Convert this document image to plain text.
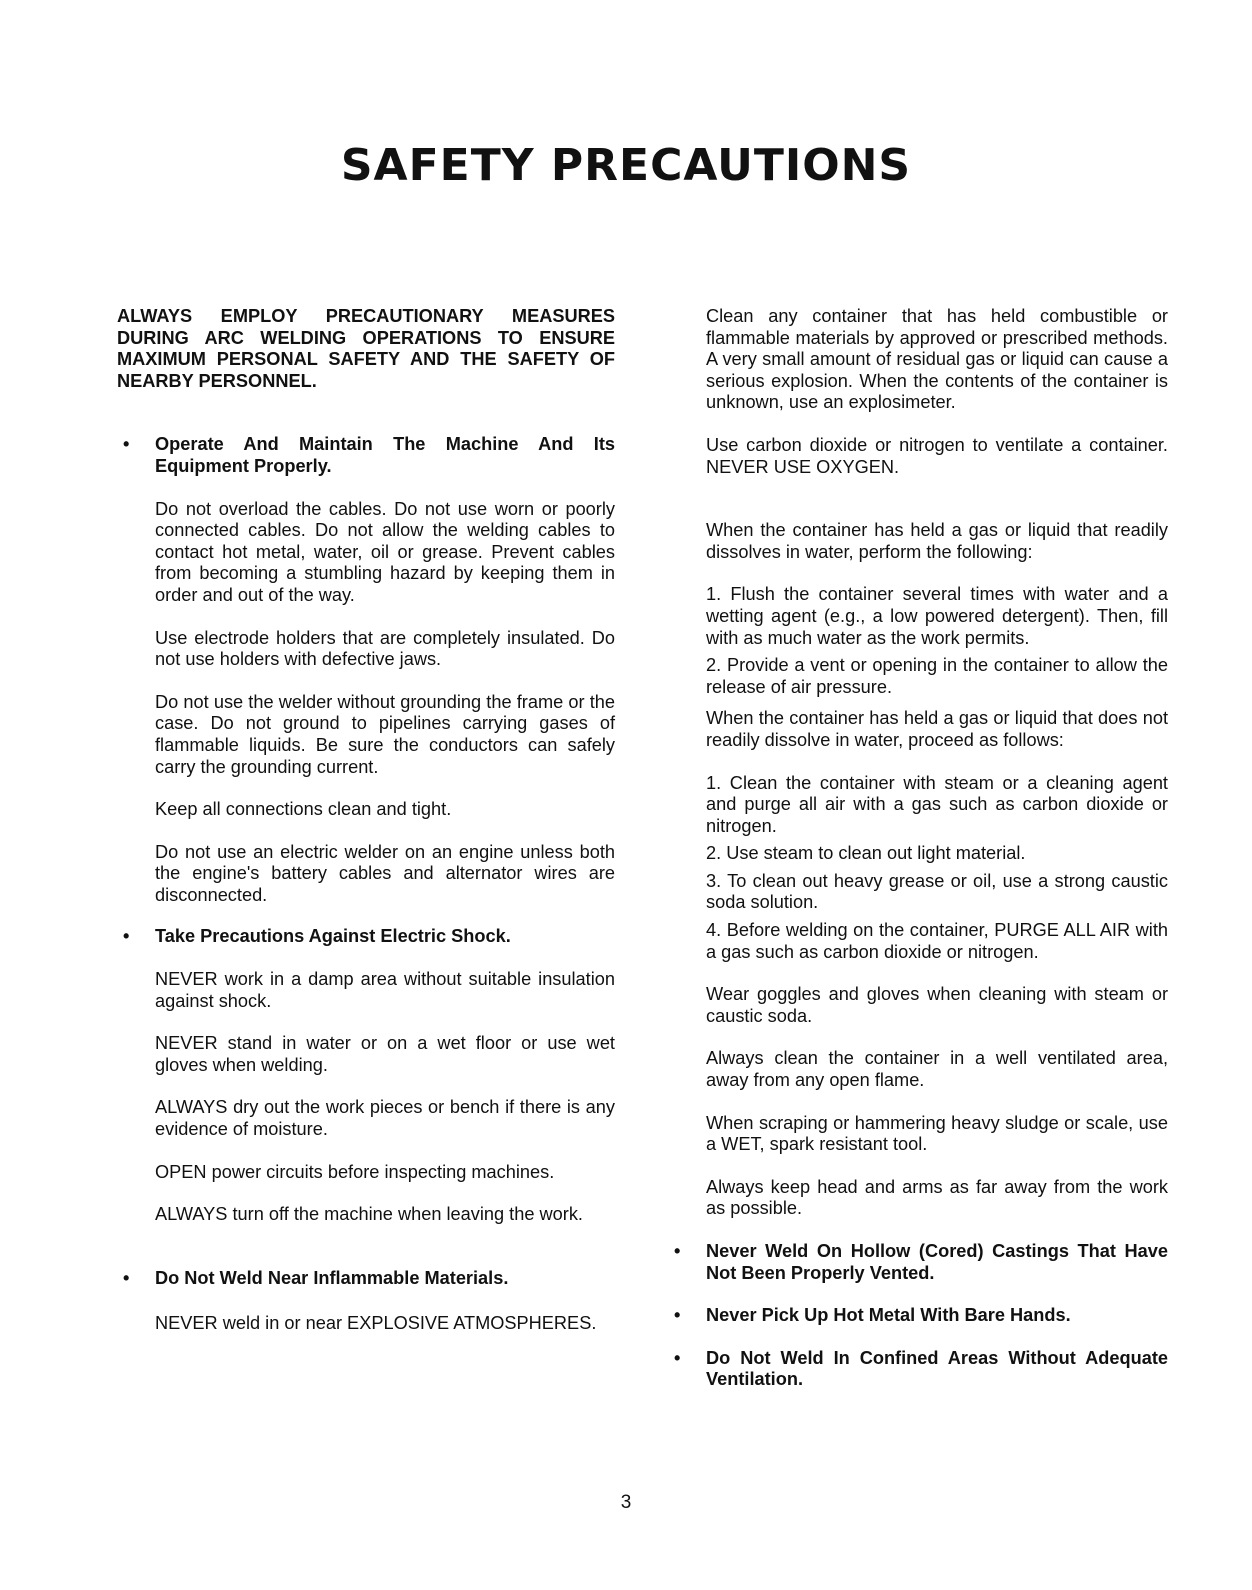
SAFETY PRECAUTIONS

ALWAYS EMPLOY PRECAUTIONARY MEASURES DURING ARC WELDING OPERATIONS TO ENSURE MAXIMUM PERSONAL SAFETY AND THE SAFETY OF NEARBY PERSONNEL.

• Operate And Maintain The Machine And Its Equipment Properly.

Do not overload the cables. Do not use worn or poorly connected cables. Do not allow the welding cables to contact hot metal, water, oil or grease. Prevent cables from becoming a stumbling hazard by keeping them in order and out of the way.

Use electrode holders that are completely insulated. Do not use holders with defective jaws.

Do not use the welder without grounding the frame or the case. Do not ground to pipelines carrying gases of flammable liquids. Be sure the conductors can safely carry the grounding current.

Keep all connections clean and tight.

Do not use an electric welder on an engine unless both the engine's battery cables and alternator wires are disconnected.

• Take Precautions Against Electric Shock.

NEVER work in a damp area without suitable insulation against shock.

NEVER stand in water or on a wet floor or use wet gloves when welding.

ALWAYS dry out the work pieces or bench if there is any evidence of moisture.

OPEN power circuits before inspecting machines.

ALWAYS turn off the machine when leaving the work.

• Do Not Weld Near Inflammable Materials.

NEVER weld in or near EXPLOSIVE ATMOSPHERES.

Clean any container that has held combustible or flammable materials by approved or prescribed methods. A very small amount of residual gas or liquid can cause a serious explosion. When the contents of the container is unknown, use an explosimeter.

Use carbon dioxide or nitrogen to ventilate a container. NEVER USE OXYGEN.

When the container has held a gas or liquid that readily dissolves in water, perform the following:

1. Flush the container several times with water and a wetting agent (e.g., a low powered detergent). Then, fill with as much water as the work permits.

2. Provide a vent or opening in the container to allow the release of air pressure.

When the container has held a gas or liquid that does not readily dissolve in water, proceed as follows:

1. Clean the container with steam or a cleaning agent and purge all air with a gas such as carbon dioxide or nitrogen.

2. Use steam to clean out light material.

3. To clean out heavy grease or oil, use a strong caustic soda solution.

4. Before welding on the container, PURGE ALL AIR with a gas such as carbon dioxide or nitrogen.

Wear goggles and gloves when cleaning with steam or caustic soda.

Always clean the container in a well ventilated area, away from any open flame.

When scraping or hammering heavy sludge or scale, use a WET, spark resistant tool.

Always keep head and arms as far away from the work as possible.

• Never Weld On Hollow (Cored) Castings That Have Not Been Properly Vented.

• Never Pick Up Hot Metal With Bare Hands.

• Do Not Weld In Confined Areas Without Adequate Ventilation.

3
